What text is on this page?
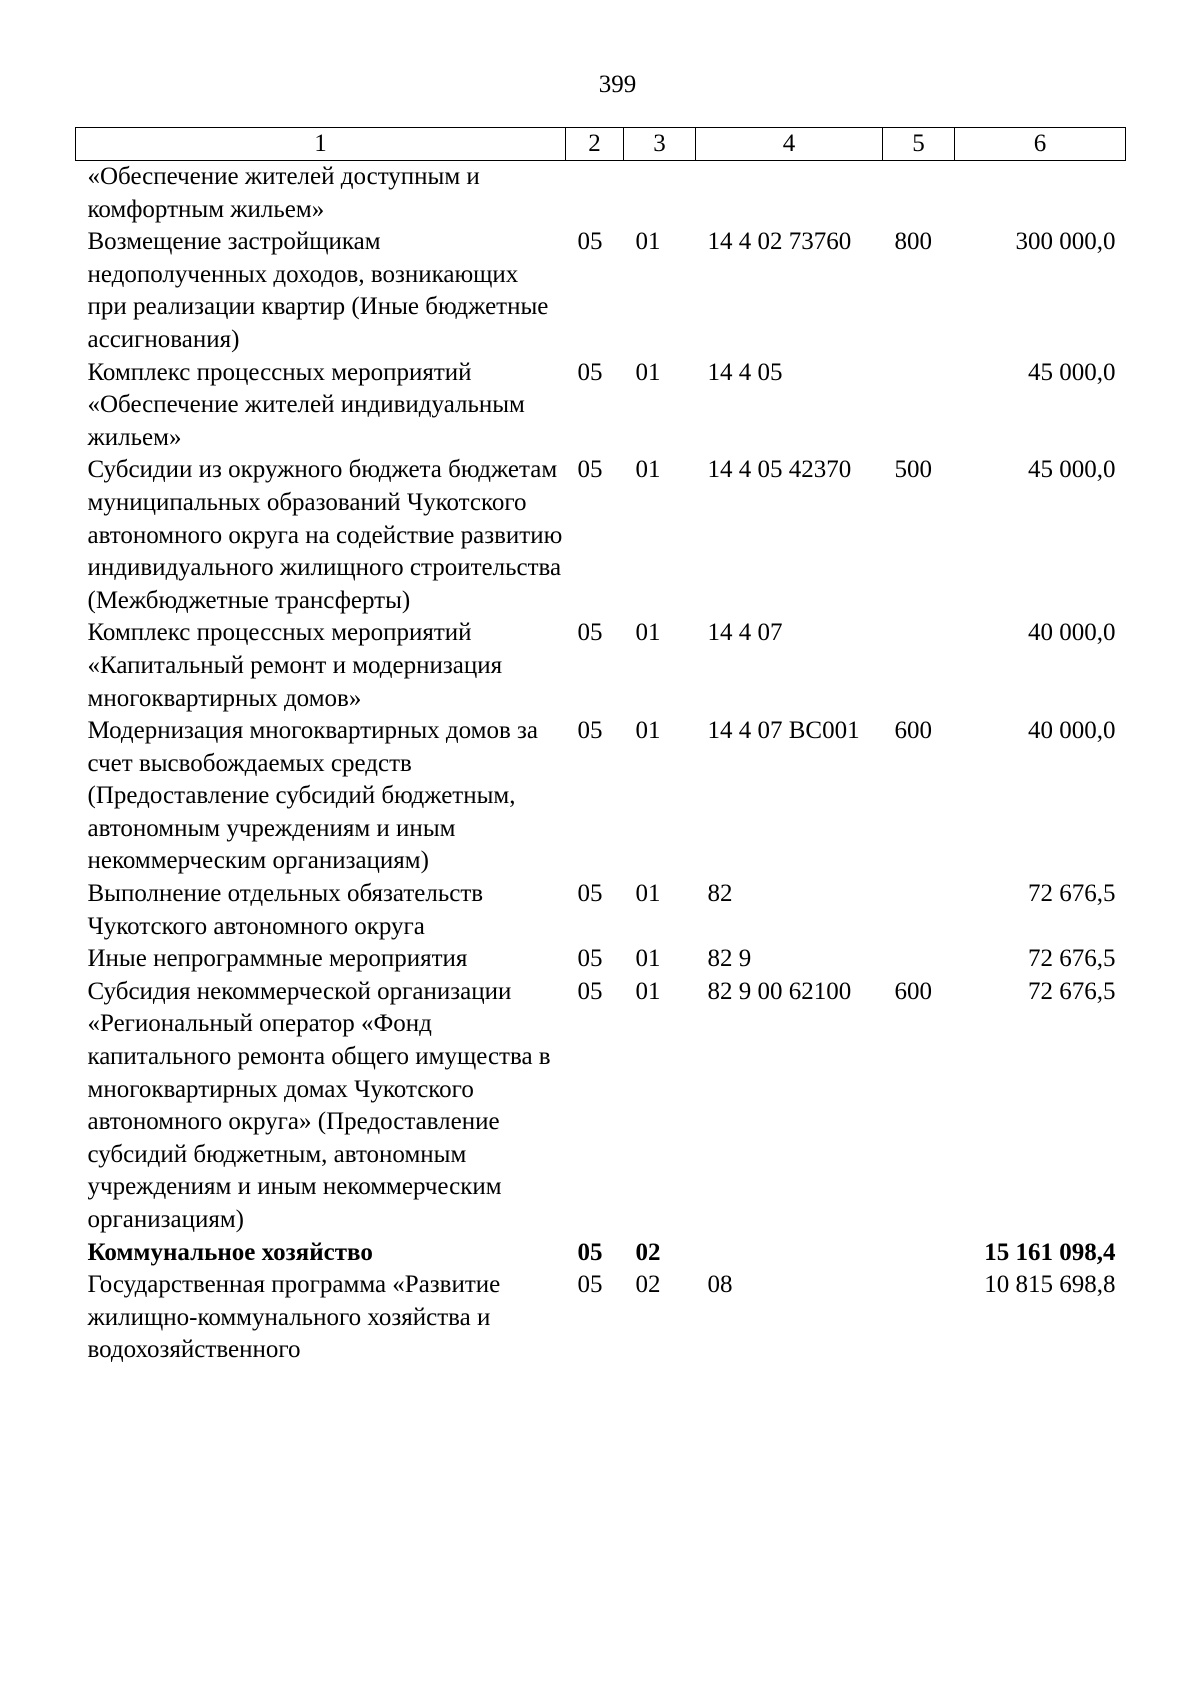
399
1	2	3	4	5	6
«Обеспечение жителей доступным и комфортным жильем»					
Возмещение застройщикам недополученных доходов, возникающих при реализации квартир (Иные бюджетные ассигнования)	05	01	14 4 02 73760	800	300 000,0
Комплекс процессных мероприятий «Обеспечение жителей индивидуальным жильем»	05	01	14 4 05		45 000,0
Субсидии из окружного бюджета бюджетам муниципальных образований Чукотского автономного округа на содействие развитию индивидуального жилищного строительства (Межбюджетные трансферты)	05	01	14 4 05 42370	500	45 000,0
Комплекс процессных мероприятий «Капитальный ремонт и модернизация многоквартирных домов»	05	01	14 4 07		40 000,0
Модернизация многоквартирных домов за счет высвобождаемых средств (Предоставление субсидий бюджетным, автономным учреждениям и иным некоммерческим организациям)	05	01	14 4 07 ВС001	600	40 000,0
Выполнение отдельных обязательств Чукотского автономного округа	05	01	82		72 676,5
Иные непрограммные мероприятия	05	01	82 9		72 676,5
Субсидия некоммерческой организации «Региональный оператор «Фонд капитального ремонта общего имущества в многоквартирных домах Чукотского автономного округа» (Предоставление субсидий бюджетным, автономным учреждениям и иным некоммерческим организациям)	05	01	82 9 00 62100	600	72 676,5
Коммунальное хозяйство	05	02			15 161 098,4
Государственная программа «Развитие жилищно-коммунального хозяйства и водохозяйственного	05	02	08		10 815 698,8
